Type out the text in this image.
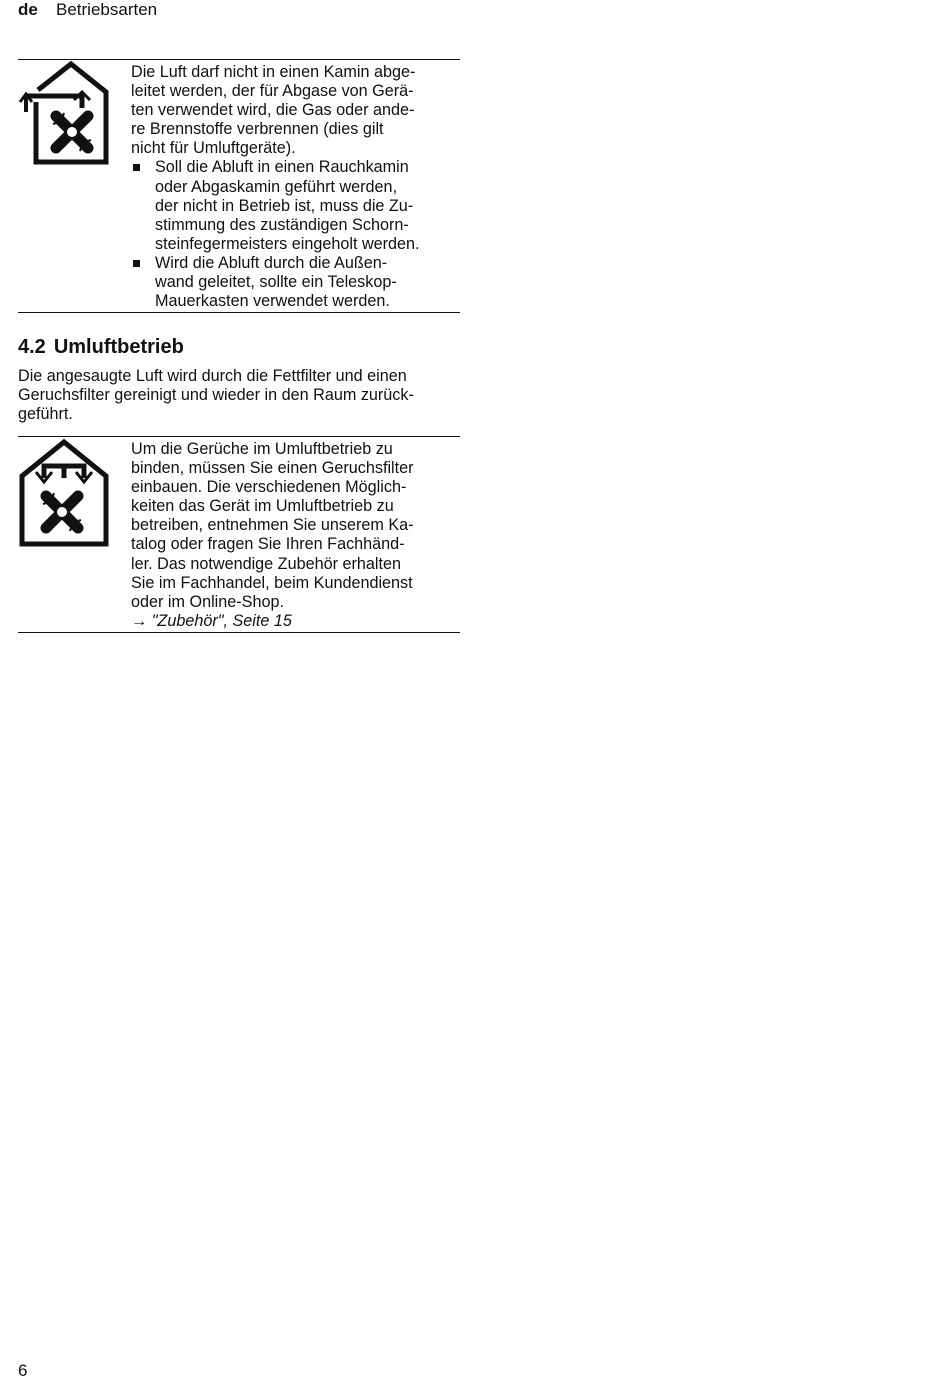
de Betriebsarten

Die Luft darf nicht in einen Kamin abge-
leitet werden, der für Abgase von Gerä-
ten verwendet wird, die Gas oder ande-
re Brennstoffe verbrennen (dies gilt
nicht für Umluftgeräte).

Soll die Abluft in einen Rauchkamin
oder Abgaskamin geführt werden,
der nicht in Betrieb ist, muss die Zu-
stimmung des zuständigen Schorn-
steinfegermeisters eingeholt werden.
Wird die Abluft durch die Außen-
wand geleitet, sollte ein Teleskop-
Mauerkasten verwendet werden.
4.2 Umluftbetrieb

Die angesaugte Luft wird durch die Fettfilter und einen
Geruchsfilter gereinigt und wieder in den Raum zurück-
geführt.

Um die Gerüche im Umluftbetrieb zu
binden, müssen Sie einen Geruchsfilter
einbauen. Die verschiedenen Möglich-
keiten das Gerät im Umluftbetrieb zu
betreiben, entnehmen Sie unserem Ka-
talog oder fragen Sie Ihren Fachhänd-
ler. Das notwendige Zubehör erhalten
Sie im Fachhandel, beim Kundendienst
oder im Online-Shop.
→ "Zubehör", Seite 15

6
